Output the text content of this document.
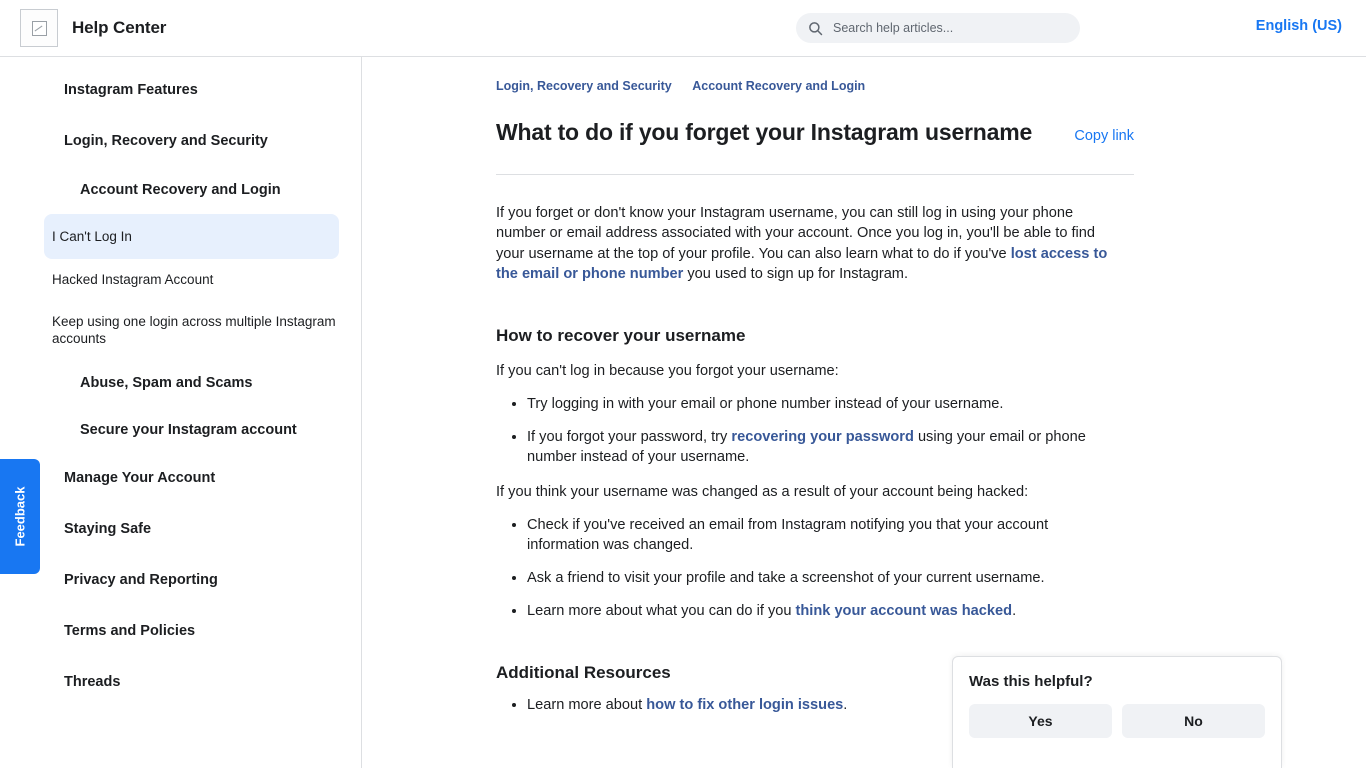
Help Center
Search help articles...	English (US)
Instagram Features
Login, Recovery and Security
Account Recovery and Login
I Can't Log In
Hacked Instagram Account
Keep using one login across multiple Instagram accounts
Abuse, Spam and Scams
Secure your Instagram account
Manage Your Account
Staying Safe
Privacy and Reporting
Terms and Policies
Threads
Feedback
Login, Recovery and Security Account Recovery and Login
What to do if you forget your Instagram username	Copy link

If you forget or don't know your Instagram username, you can still log in using your phone number or email address associated with your account. Once you log in, you'll be able to find your username at the top of your profile. You can also learn what to do if you've lost access to the email or phone number you used to sign up for Instagram.

How to recover your username

If you can't log in because you forgot your username:

• Try logging in with your email or phone number instead of your username.
• If you forgot your password, try recovering your password using your email or phone number instead of your username.

If you think your username was changed as a result of your account being hacked:

• Check if you've received an email from Instagram notifying you that your account information was changed.
• Ask a friend to visit your profile and take a screenshot of your current username.
• Learn more about what you can do if you think your account was hacked.
Additional Resources
• Learn more about how to fix other login issues.
Was this helpful?
Yes	No
